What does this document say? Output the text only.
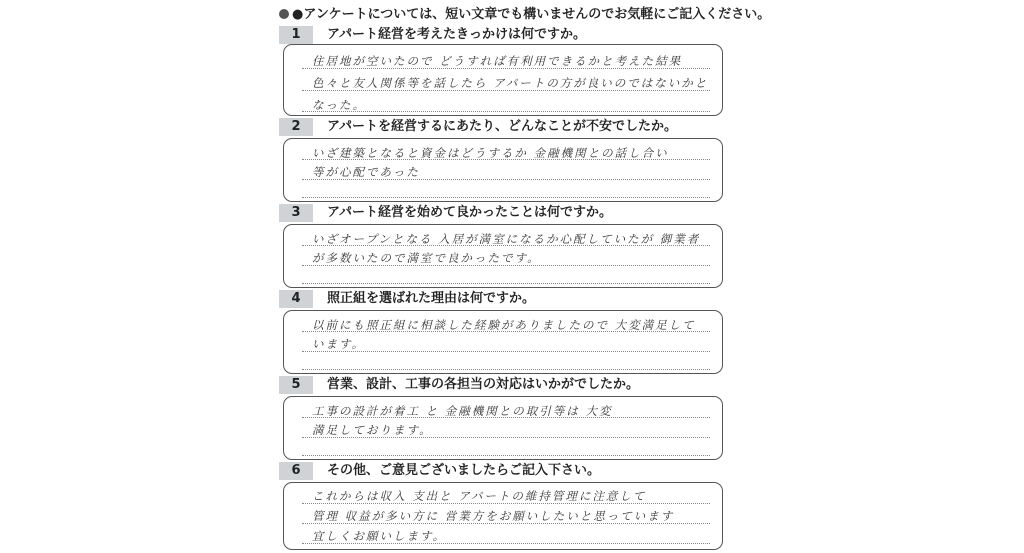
●アンケートについては、短い文章でも構いませんのでお気軽にご記入ください。
1	アパート経営を考えたきっかけは何ですか。
住居地が空いたので どうすれば有利用できるかと考えた結果
色々と友人関係等を話したら アパートの方が良いのではないかと
なった。
2	アパートを経営するにあたり、どんなことが不安でしたか。
いざ建築となると資金はどうするか 金融機関との話し合い
等が心配であった
3	アパート経営を始めて良かったことは何ですか。
いざオープンとなる 入居が満室になるか心配していたが 御業者
が多数いたので満室で良かったです。
4	照正組を選ばれた理由は何ですか。
以前にも照正組に相談した経験がありましたので 大変満足して
います。
5	営業、設計、工事の各担当の対応はいかがでしたか。
工事の設計が着工 と 金融機関との取引等は 大変
満足しております。
6	その他、ご意見ございましたらご記入下さい。
これからは収入 支出と アパートの維持管理に注意して
管理 収益が多い方に 営業方をお願いしたいと思っています
宜しくお願いします。
